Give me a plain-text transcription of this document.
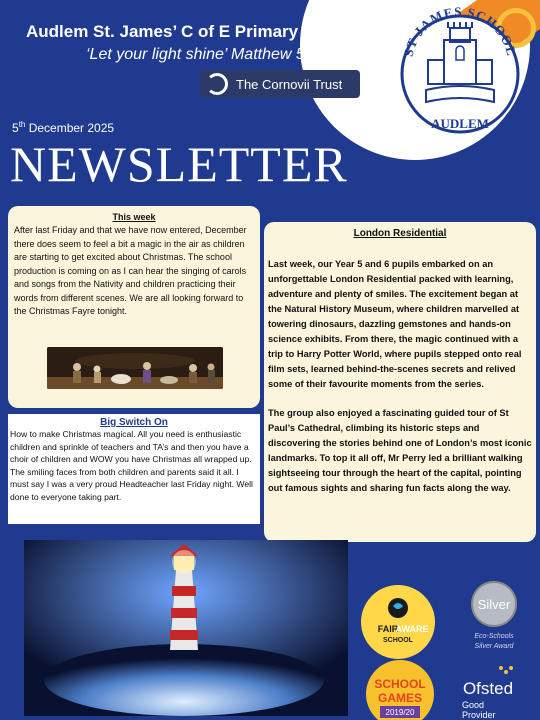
Audlem St. James’ C of E Primary School
‘Let your light shine’ Matthew 5:16
The Cornovii Trust
ST JAMES SCHOOL
AUDLEM
5th December 2025
NEWSLETTER
This week
After last Friday and that we have now entered, December there does seem to feel a bit a magic in the air as children are starting to get excited about Christmas. The school production is coming on as I can hear the singing of carols and songs from the Nativity and children practicing their words from different scenes. We are all looking forward to the Christmas Fayre tonight.
Big Switch On
How to make Christmas magical. All you need is enthusiastic children and sprinkle of teachers and TA’s and then you have a choir of children and WOW you have Christmas all wrapped up. The smiling faces from both children and parents said it all. I must say I was a very proud Headteacher last Friday night. Well done to everyone taking part.
London Residential
Last week, our Year 5 and 6 pupils embarked on an unforgettable London Residential packed with learning, adventure and plenty of smiles. The excitement began at the Natural History Museum, where children marvelled at towering dinosaurs, dazzling gemstones and hands-on science exhibits. From there, the magic continued with a trip to Harry Potter World, where pupils stepped onto real film sets, learned behind-the-scenes secrets and relived some of their favourite moments from the series.
The group also enjoyed a fascinating guided tour of St Paul’s Cathedral, climbing its historic steps and discovering the stories behind one of London’s most iconic landmarks. To top it all off, Mr Perry led a brilliant walking sightseeing tour through the heart of the capital, pointing out famous sights and sharing fun facts along the way.
FAIR
AWARE
SCHOOL
Silver
Eco-Schools
Silver Award
SCHOOL
GAMES
2019/20
Ofsted
Good
Provider
